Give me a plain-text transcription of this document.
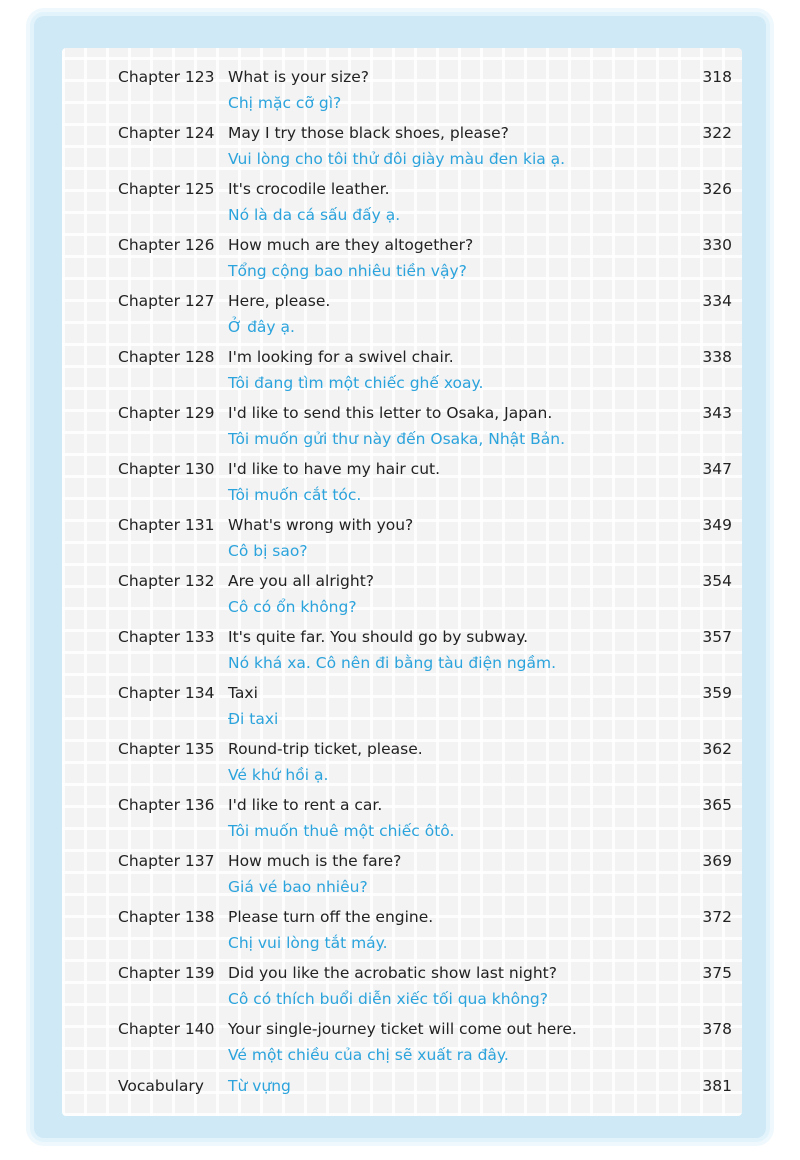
Chapter 123 What is your size?
Chị mặc cỡ gì?
318
Chapter 124 May I try those black shoes, please?
Vui lòng cho tôi thử đôi giày màu đen kia ạ.
322
Chapter 125 It's crocodile leather.
Nó là da cá sấu đấy ạ.
326
Chapter 126 How much are they altogether?
Tổng cộng bao nhiêu tiền vậy?
330
Chapter 127 Here, please.
Ở đây ạ.
334
Chapter 128 I'm looking for a swivel chair.
Tôi đang tìm một chiếc ghế xoay.
338
Chapter 129 I'd like to send this letter to Osaka, Japan.
Tôi muốn gửi thư này đến Osaka, Nhật Bản.
343
Chapter 130 I'd like to have my hair cut.
Tôi muốn cắt tóc.
347
Chapter 131 What's wrong with you?
Cô bị sao?
349
Chapter 132 Are you all alright?
Cô có ổn không?
354
Chapter 133 It's quite far. You should go by subway.
Nó khá xa. Cô nên đi bằng tàu điện ngầm.
357
Chapter 134 Taxi
Đi taxi
359
Chapter 135 Round-trip ticket, please.
Vé khứ hồi ạ.
362
Chapter 136 I'd like to rent a car.
Tôi muốn thuê một chiếc ôtô.
365
Chapter 137 How much is the fare?
Giá vé bao nhiêu?
369
Chapter 138 Please turn off the engine.
Chị vui lòng tắt máy.
372
Chapter 139 Did you like the acrobatic show last night?
Cô có thích buổi diễn xiếc tối qua không?
375
Chapter 140 Your single-journey ticket will come out here.
Vé một chiều của chị sẽ xuất ra đây.
378
Vocabulary Từ vựng	381
